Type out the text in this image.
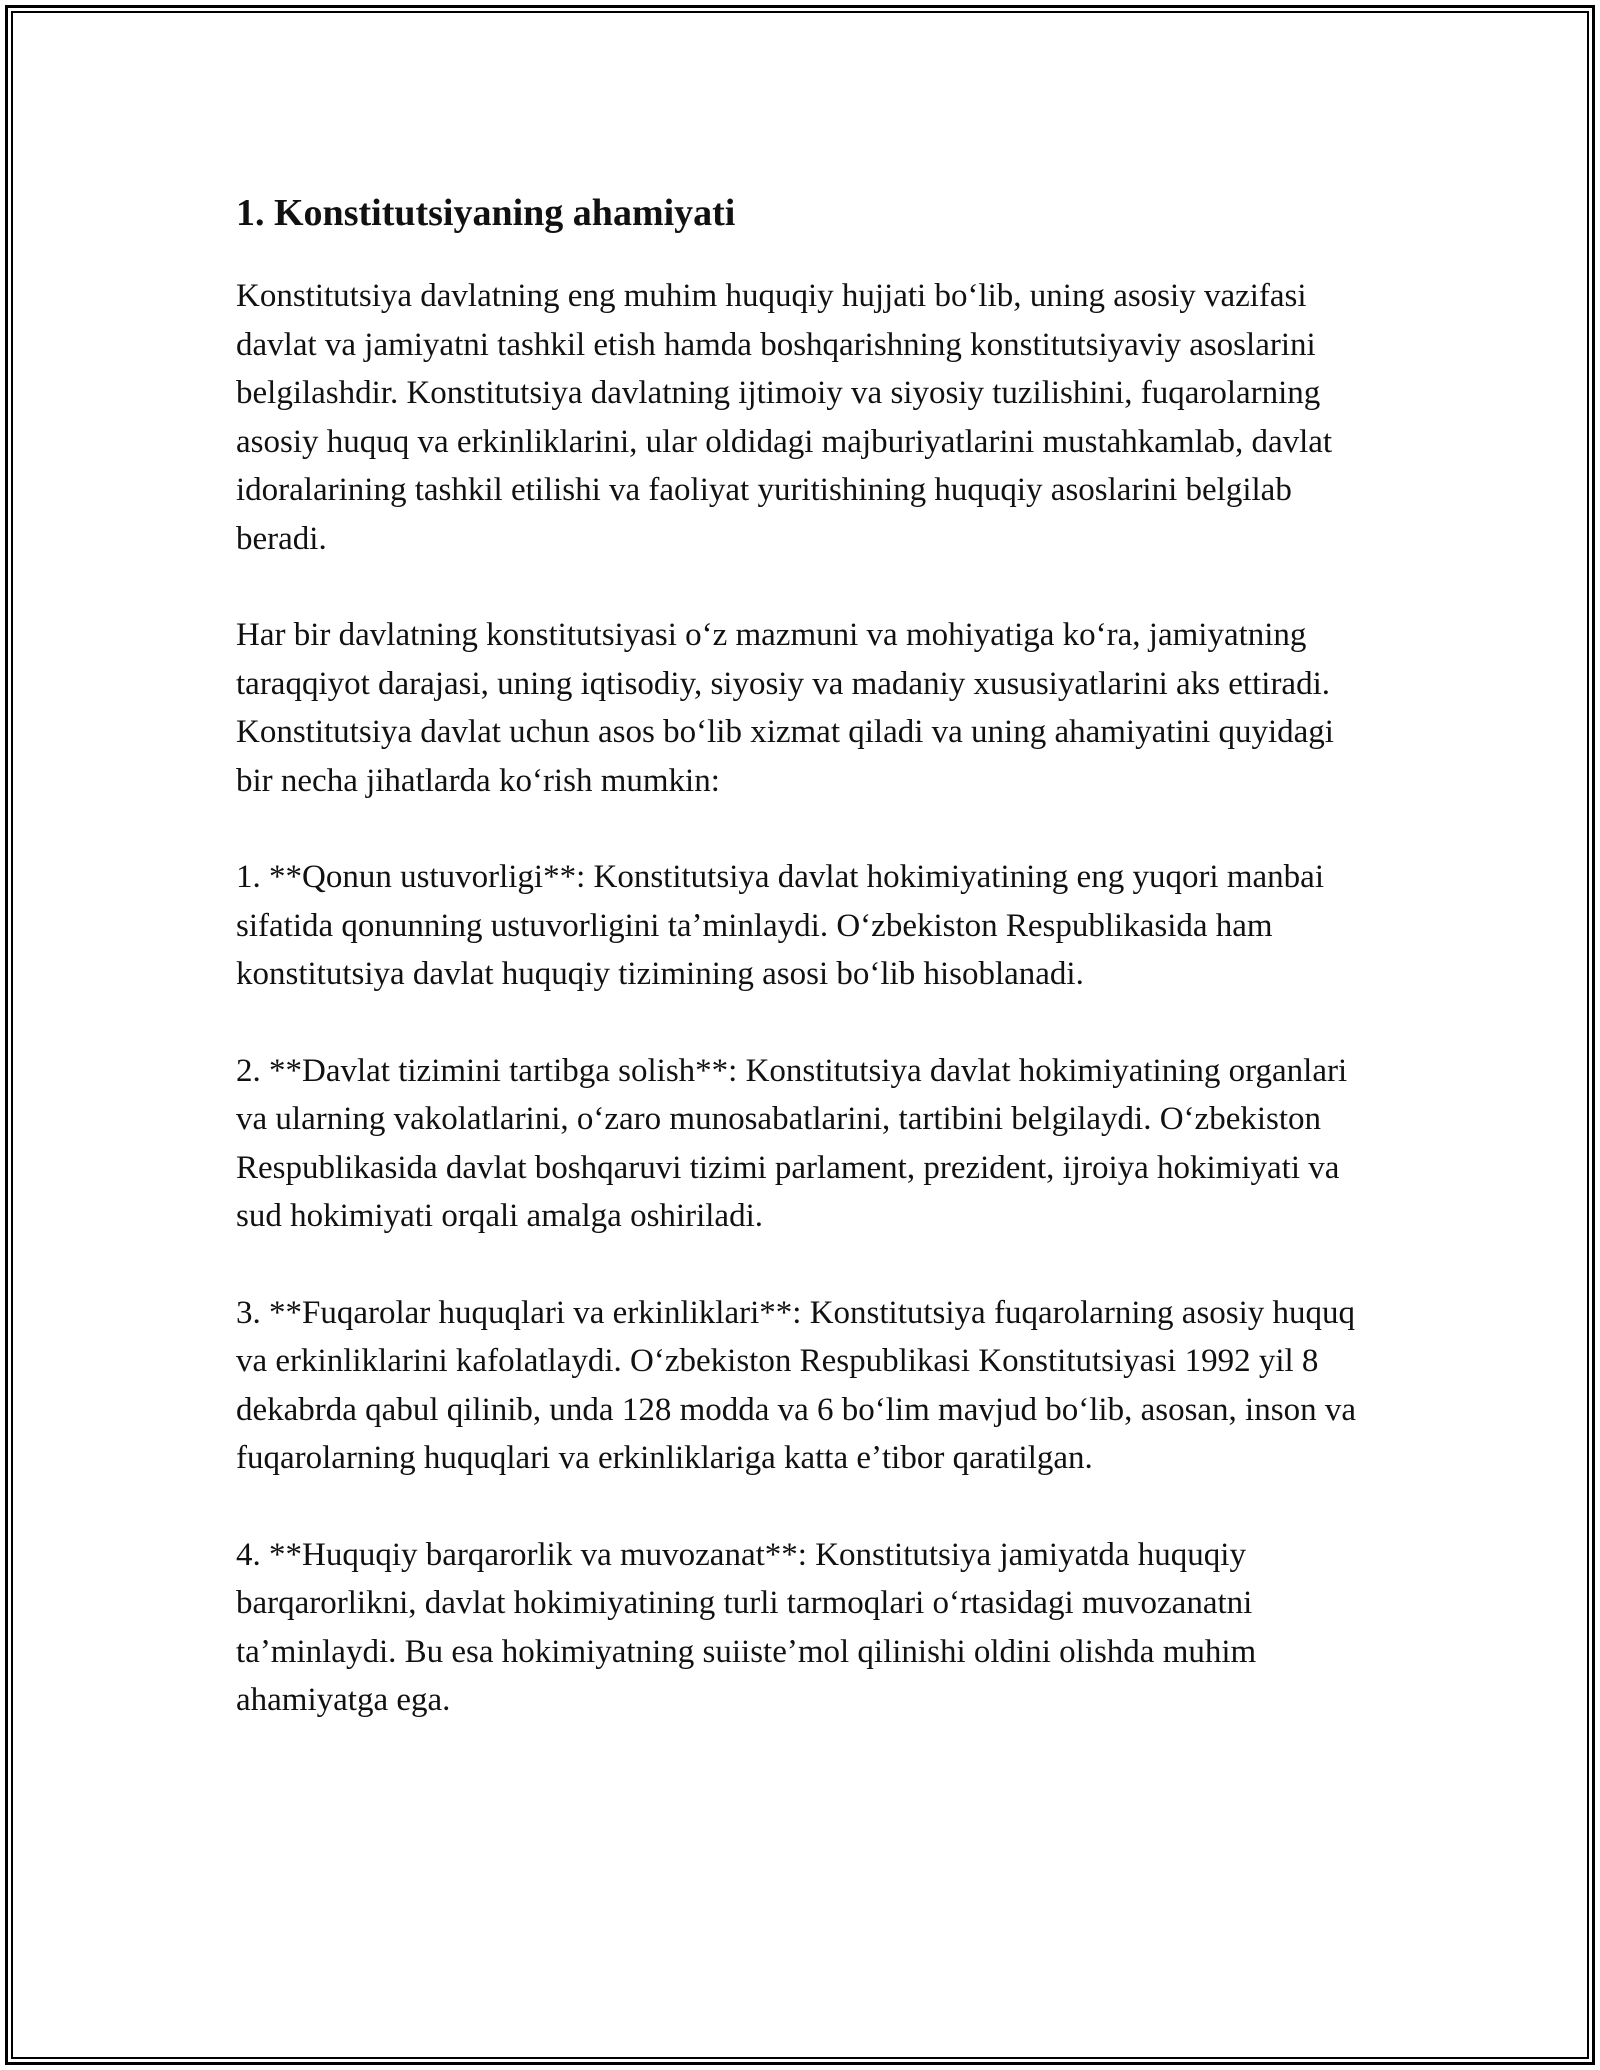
1. Konstitutsiyaning ahamiyati

Konstitutsiya davlatning eng muhim huquqiy hujjati boʻlib, uning asosiy vazifasi davlat va jamiyatni tashkil etish hamda boshqarishning konstitutsiyaviy asoslarini belgilashdir. Konstitutsiya davlatning ijtimoiy va siyosiy tuzilishini, fuqarolarning asosiy huquq va erkinliklarini, ular oldidagi majburiyatlarini mustahkamlab, davlat idoralarining tashkil etilishi va faoliyat yuritishining huquqiy asoslarini belgilab beradi.

Har bir davlatning konstitutsiyasi oʻz mazmuni va mohiyatiga koʻra, jamiyatning taraqqiyot darajasi, uning iqtisodiy, siyosiy va madaniy xususiyatlarini aks ettiradi. Konstitutsiya davlat uchun asos boʻlib xizmat qiladi va uning ahamiyatini quyidagi bir necha jihatlarda koʻrish mumkin:

1. **Qonun ustuvorligi**: Konstitutsiya davlat hokimiyatining eng yuqori manbai sifatida qonunning ustuvorligini taʼminlaydi. Oʻzbekiston Respublikasida ham konstitutsiya davlat huquqiy tizimining asosi boʻlib hisoblanadi.

2. **Davlat tizimini tartibga solish**: Konstitutsiya davlat hokimiyatining organlari va ularning vakolatlarini, oʻzaro munosabatlarini, tartibini belgilaydi. Oʻzbekiston Respublikasida davlat boshqaruvi tizimi parlament, prezident, ijroiya hokimiyati va sud hokimiyati orqali amalga oshiriladi.

3. **Fuqarolar huquqlari va erkinliklari**: Konstitutsiya fuqarolarning asosiy huquq va erkinliklarini kafolatlaydi. Oʻzbekiston Respublikasi Konstitutsiyasi 1992 yil 8 dekabrda qabul qilinib, unda 128 modda va 6 boʻlim mavjud boʻlib, asosan, inson va fuqarolarning huquqlari va erkinliklariga katta eʼtibor qaratilgan.

4. **Huquqiy barqarorlik va muvozanat**: Konstitutsiya jamiyatda huquqiy barqarorlikni, davlat hokimiyatining turli tarmoqlari oʻrtasidagi muvozanatni taʼminlaydi. Bu esa hokimiyatning suiisteʼmol qilinishi oldini olishda muhim ahamiyatga ega.
